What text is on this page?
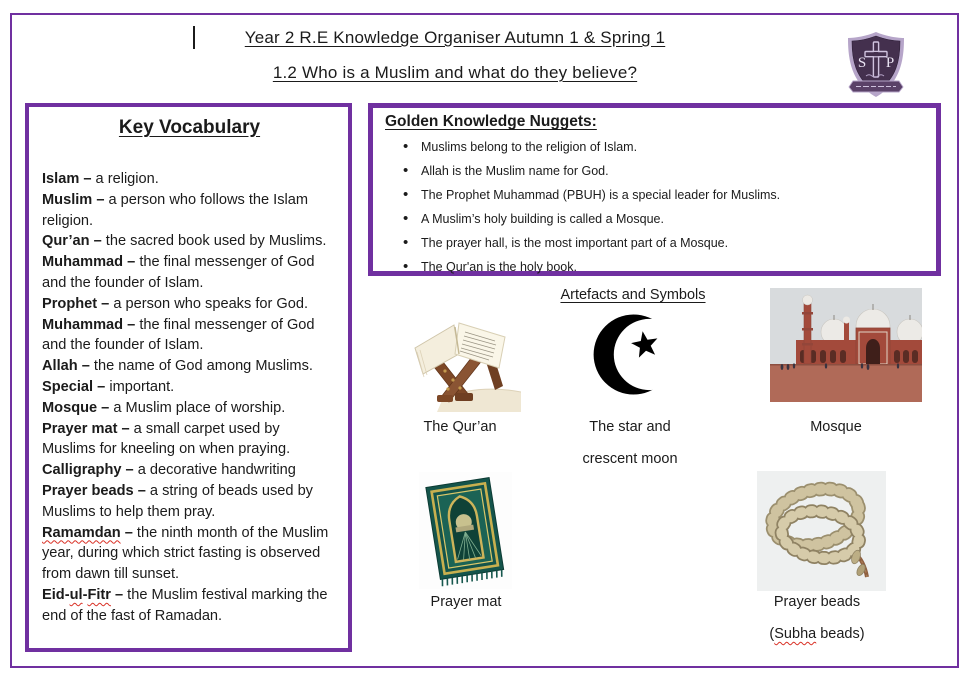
Year 2 R.E Knowledge Organiser Autumn 1 & Spring 1
1.2 Who is a Muslim and what do they believe?	S P
Key Vocabulary
Islam – a religion.
Muslim – a person who follows the Islam religion.
Qur’an – the sacred book used by Muslims.
Muhammad – the final messenger of God and the founder of Islam.
Prophet – a person who speaks for God.
Muhammad – the final messenger of God and the founder of Islam.
Allah – the name of God among Muslims.
Special – important.
Mosque – a Muslim place of worship.
Prayer mat – a small carpet used by Muslims for kneeling on when praying.
Calligraphy – a decorative handwriting
Prayer beads – a string of beads used by Muslims to help them pray.
Ramamdan – the ninth month of the Muslim year, during which strict fasting is observed from dawn till sunset.
Eid-ul-Fitr – the Muslim festival marking the end of the fast of Ramadan.
Golden Knowledge Nuggets:
• Muslims belong to the religion of Islam.
• Allah is the Muslim name for God.
• The Prophet Muhammad (PBUH) is a special leader for Muslims.
• A Muslim’s holy building is called a Mosque.
• The prayer hall, is the most important part of a Mosque.
• The Qur'an is the holy book.
Artefacts and Symbols
The Qur’an	The star and
crescent moon
Mosque
Prayer mat	Prayer beads
(Subha beads)
